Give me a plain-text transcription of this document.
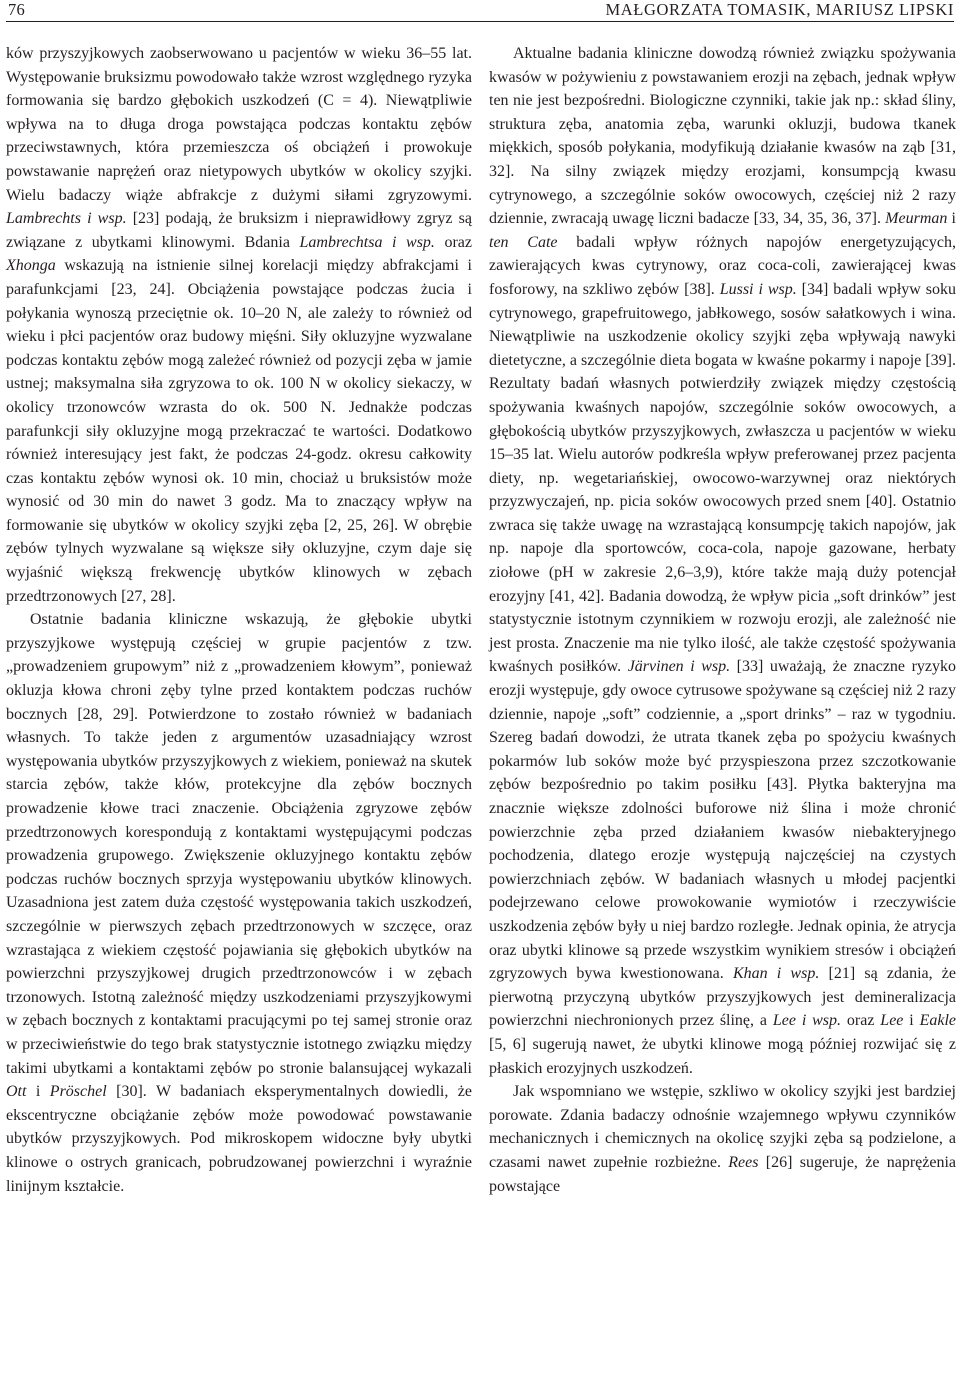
76	MAŁGORZATA TOMASIK, MARIUSZ LIPSKI

ków przyszyjkowych zaobserwowano u pacjentów w wieku 36–55 lat. Występowanie bruksizmu powodowało także wzrost względnego ryzyka formowania się bardzo głębokich uszkodzeń (C = 4). Niewątpliwie wpływa na to długa droga powstająca podczas kontaktu zębów przeciwstawnych, która przemieszcza oś obciążeń i prowokuje powstawanie naprężeń oraz nietypowych ubytków w okolicy szyjki. Wielu badaczy wiąże abfrakcje z dużymi siłami zgryzowymi. Lambrechts i wsp. [23] podają, że bruksizm i nieprawidłowy zgryz są związane z ubytkami klinowymi. Bdania Lambrechtsa i wsp. oraz Xhonga wskazują na istnienie silnej korelacji między abfrakcjami i parafunkcjami [23, 24]. Obciążenia powstające podczas żucia i połykania wynoszą przeciętnie ok. 10–20 N, ale zależy to również od wieku i płci pacjentów oraz budowy mięśni. Siły okluzyjne wyzwalane podczas kontaktu zębów mogą zależeć również od pozycji zęba w jamie ustnej; maksymalna siła zgryzowa to ok. 100 N w okolicy siekaczy, w okolicy trzonowców wzrasta do ok. 500 N. Jednakże podczas parafunkcji siły okluzyjne mogą przekraczać te wartości. Dodatkowo również interesujący jest fakt, że podczas 24-godz. okresu całkowity czas kontaktu zębów wynosi ok. 10 min, chociaż u bruksistów może wynosić od 30 min do nawet 3 godz. Ma to znaczący wpływ na formowanie się ubytków w okolicy szyjki zęba [2, 25, 26]. W obrębie zębów tylnych wyzwalane są większe siły okluzyjne, czym daje się wyjaśnić większą frekwencję ubytków klinowych w zębach przedtrzonowych [27, 28].

Ostatnie badania kliniczne wskazują, że głębokie ubytki przyszyjkowe występują częściej w grupie pacjentów z tzw. „prowadzeniem grupowym” niż z „prowadzeniem kłowym”, ponieważ okluzja kłowa chroni zęby tylne przed kontaktem podczas ruchów bocznych [28, 29]. Potwierdzone to zostało również w badaniach własnych. To także jeden z argumentów uzasadniający wzrost występowania ubytków przyszyjkowych z wiekiem, ponieważ na skutek starcia zębów, także kłów, protekcyjne dla zębów bocznych prowadzenie kłowe traci znaczenie. Obciążenia zgryzowe zębów przedtrzonowych korespondują z kontaktami występującymi podczas prowadzenia grupowego. Zwiększenie okluzyjnego kontaktu zębów podczas ruchów bocznych sprzyja występowaniu ubytków klinowych. Uzasadniona jest zatem duża częstość występowania takich uszkodzeń, szczególnie w pierwszych zębach przedtrzonowych w szczęce, oraz wzrastająca z wiekiem częstość pojawiania się głębokich ubytków na powierzchni przyszyjkowej drugich przedtrzonowców i w zębach trzonowych. Istotną zależność między uszkodzeniami przyszyjkowymi w zębach bocznych z kontaktami pracującymi po tej samej stronie oraz w przeciwieństwie do tego brak statystycznie istotnego związku między takimi ubytkami a kontaktami zębów po stronie balansującej wykazali Ott i Pröschel [30]. W badaniach eksperymentalnych dowiedli, że ekscentryczne obciążanie zębów może powodować powstawanie ubytków przyszyjkowych. Pod mikroskopem widoczne były ubytki klinowe o ostrych granicach, pobrudzowanej powierzchni i wyraźnie linijnym kształcie.

Aktualne badania kliniczne dowodzą również związku spożywania kwasów w pożywieniu z powstawaniem erozji na zębach, jednak wpływ ten nie jest bezpośredni. Biologiczne czynniki, takie jak np.: skład śliny, struktura zęba, anatomia zęba, warunki okluzji, budowa tkanek miękkich, sposób połykania, modyfikują działanie kwasów na ząb [31, 32]. Na silny związek między erozjami, konsumpcją kwasu cytrynowego, a szczególnie soków owocowych, częściej niż 2 razy dziennie, zwracają uwagę liczni badacze [33, 34, 35, 36, 37]. Meurman i ten Cate badali wpływ różnych napojów energetyzujących, zawierających kwas cytrynowy, oraz coca-coli, zawierającej kwas fosforowy, na szkliwo zębów [38]. Lussi i wsp. [34] badali wpływ soku cytrynowego, grapefruitowego, jabłkowego, sosów sałatkowych i wina. Niewątpliwie na uszkodzenie okolicy szyjki zęba wpływają nawyki dietetyczne, a szczególnie dieta bogata w kwaśne pokarmy i napoje [39]. Rezultaty badań własnych potwierdziły związek między częstością spożywania kwaśnych napojów, szczególnie soków owocowych, a głębokością ubytków przyszyjkowych, zwłaszcza u pacjentów w wieku 15–35 lat. Wielu autorów podkreśla wpływ preferowanej przez pacjenta diety, np. wegetariańskiej, owocowo-warzywnej oraz niektórych przyzwyczajeń, np. picia soków owocowych przed snem [40]. Ostatnio zwraca się także uwagę na wzrastającą konsumpcję takich napojów, jak np. napoje dla sportowców, coca-cola, napoje gazowane, herbaty ziołowe (pH w zakresie 2,6–3,9), które także mają duży potencjał erozyjny [41, 42]. Badania dowodzą, że wpływ picia „soft drinków” jest statystycznie istotnym czynnikiem w rozwoju erozji, ale zależność nie jest prosta. Znaczenie ma nie tylko ilość, ale także częstość spożywania kwaśnych posiłków. Järvinen i wsp. [33] uważają, że znaczne ryzyko erozji występuje, gdy owoce cytrusowe spożywane są częściej niż 2 razy dziennie, napoje „soft” codziennie, a „sport drinks” – raz w tygodniu. Szereg badań dowodzi, że utrata tkanek zęba po spożyciu kwaśnych pokarmów lub soków może być przyspieszona przez szczotkowanie zębów bezpośrednio po takim posiłku [43]. Płytka bakteryjna ma znacznie większe zdolności buforowe niż ślina i może chronić powierzchnie zęba przed działaniem kwasów niebakteryjnego pochodzenia, dlatego erozje występują najczęściej na czystych powierzchniach zębów. W badaniach własnych u młodej pacjentki podejrzewano celowe prowokowanie wymiotów i rzeczywiście uszkodzenia zębów były u niej bardzo rozległe. Jednak opinia, że atrycja oraz ubytki klinowe są przede wszystkim wynikiem stresów i obciążeń zgryzowych bywa kwestionowana. Khan i wsp. [21] są zdania, że pierwotną przyczyną ubytków przyszyjkowych jest demineralizacja powierzchni niechronionych przez ślinę, a Lee i wsp. oraz Lee i Eakle [5, 6] sugerują nawet, że ubytki klinowe mogą później rozwijać się z płaskich erozyjnych uszkodzeń.

Jak wspomniano we wstępie, szkliwo w okolicy szyjki jest bardziej porowate. Zdania badaczy odnośnie wzajemnego wpływu czynników mechanicznych i chemicznych na okolicę szyjki zęba są podzielone, a czasami nawet zupełnie rozbieżne. Rees [26] sugeruje, że naprężenia powstające
